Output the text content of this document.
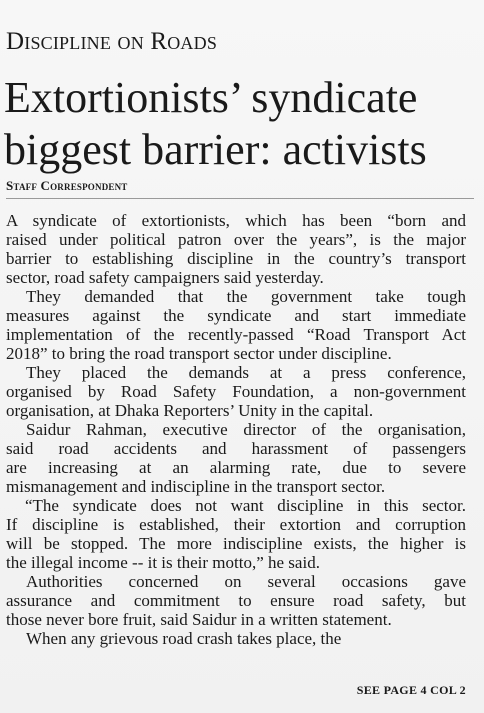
Discipline on Roads
Extortionists’ syndicate
biggest barrier: activists
Staff Correspondent

A syndicate of extortionists, which has been “born and
raised under political patron over the years”, is the major
barrier to establishing discipline in the country’s transport
sector, road safety campaigners said yesterday.

They demanded that the government take tough
measures against the syndicate and start immediate
implementation of the recently-passed “Road Transport Act
2018” to bring the road transport sector under discipline.

They placed the demands at a press conference,
organised by Road Safety Foundation, a non-government
organisation, at Dhaka Reporters’ Unity in the capital.

Saidur Rahman, executive director of the organisation,
said road accidents and harassment of passengers
are increasing at an alarming rate, due to severe
mismanagement and indiscipline in the transport sector.

“The syndicate does not want discipline in this sector.
If discipline is established, their extortion and corruption
will be stopped. The more indiscipline exists, the higher is
the illegal income -- it is their motto,” he said.

Authorities concerned on several occasions gave
assurance and commitment to ensure road safety, but
those never bore fruit, said Saidur in a written statement.

When any grievous road crash takes place, the

SEE PAGE 4 COL 2
